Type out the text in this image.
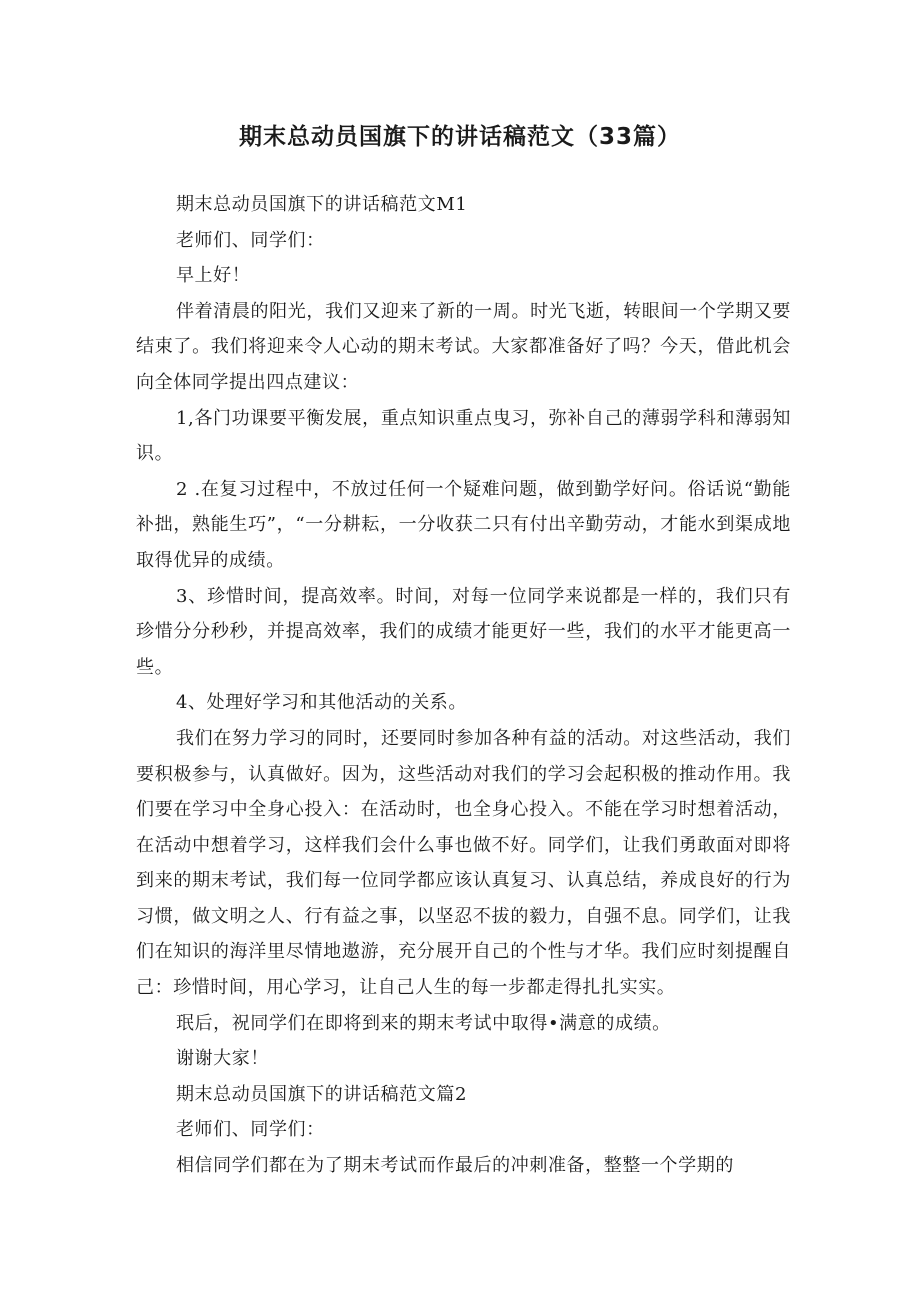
期末总动员国旗下的讲话稿范文（33篇）

期末总动员国旗下的讲话稿范文M1

老师们、同学们：

早上好！

伴着清晨的阳光，我们又迎来了新的一周。时光飞逝，转眼间一个学期又要结束了。我们将迎来令人心动的期末考试。大家都准备好了吗？今天，借此机会向全体同学提出四点建议：

1,各门功课要平衡发展，重点知识重点曳习，弥补自己的薄弱学科和薄弱知识。

2 .在复习过程中，不放过任何一个疑难问题，做到勤学好问。俗话说“勤能补拙，熟能生巧”，“一分耕耘，一分收获二只有付出辛勤劳动，才能水到渠成地取得优异的成绩。

3、珍惜时间，提高效率。时间，对每一位同学来说都是一样的，我们只有珍惜分分秒秒，并提高效率，我们的成绩才能更好一些，我们的水平才能更高一些。

4、处理好学习和其他活动的关系。

我们在努力学习的同时，还要同时参加各种有益的活动。对这些活动，我们要积极参与，认真做好。因为，这些活动对我们的学习会起积极的推动作用。我们要在学习中全身心投入：在活动时，也全身心投入。不能在学习时想着活动，在活动中想着学习，这样我们会什么事也做不好。同学们，让我们勇敢面对即将到来的期末考试，我们每一位同学都应该认真复习、认真总结，养成良好的行为习惯，做文明之人、行有益之事，以坚忍不拔的毅力，自强不息。同学们，让我们在知识的海洋里尽情地遨游，充分展开自己的个性与才华。我们应时刻提醒自己：珍惜时间，用心学习，让自己人生的每一步都走得扎扎实实。

珉后，祝同学们在即将到来的期末考试中取得•满意的成绩。

谢谢大家！

期末总动员国旗下的讲话稿范文篇2

老师们、同学们：

相信同学们都在为了期末考试而作最后的冲刺准备，整整一个学期的
